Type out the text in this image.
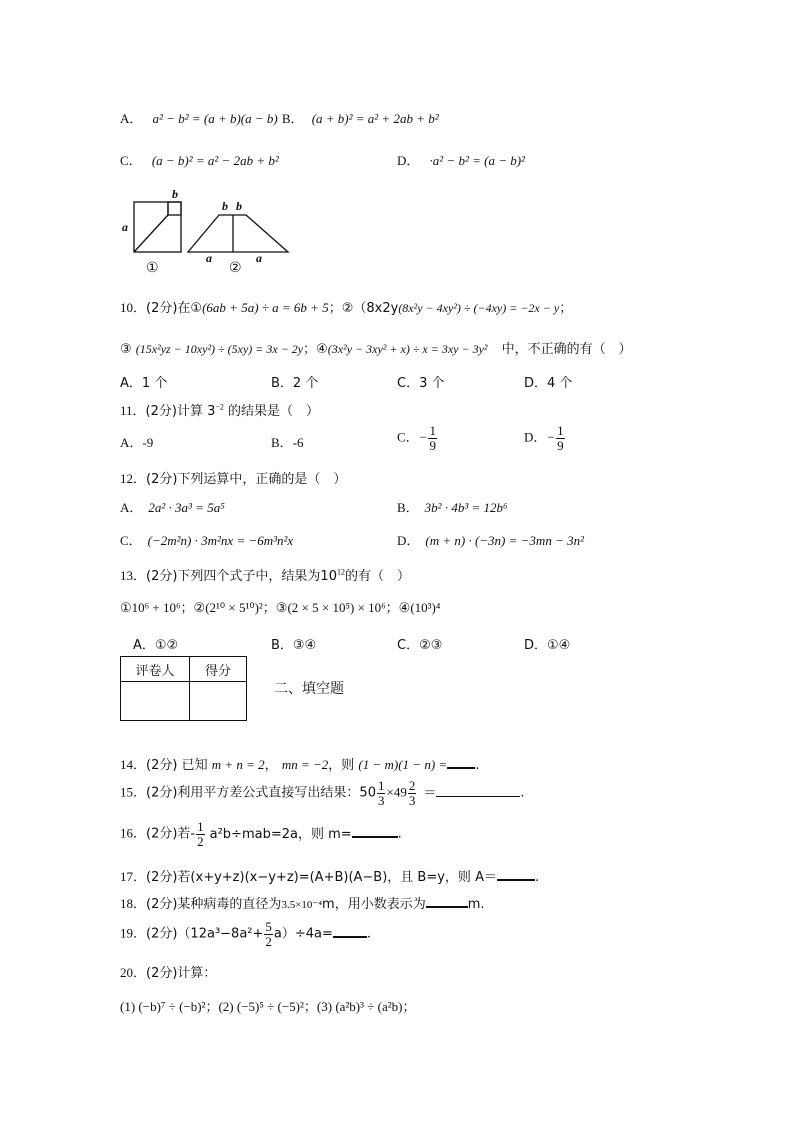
A． a² − b² = (a + b)(a − b) B． (a + b)² = a² + 2ab + b²
C． (a − b)² = a² − 2ab + b²	D． ·a² − b² = (a − b)²
a
b
b b
a	a
①	②
10．(2分)在①(6ab + 5a) ÷ a = 6b + 5；②（8x2y(8x²y − 4xy²) ÷ (−4xy) = −2x − y；
③ (15x²yz − 10xy²) ÷ (5xy) = 3x − 2y；④(3x²y − 3xy² + x) ÷ x = 3xy − 3y² 中，不正确的有（　）
A．1 个	B．2 个	C．3 个	D．4 个
11．(2分)计算 $3^{-2}$ 的结果是（　）
A．-9	B．-6	C．− $\frac{1}{9}$	D．− $\frac{1}{9}$
12．(2分)下列运算中，正确的是（　）
A． 2a² · 3a³ = 5a⁵	B． 3b² · 4b³ = 12b⁶
C． (−2m²n) · 3m²nx = −6m³n²x	D． (m + n) · (−3n) = −3mn − 3n²
13．(2分)下列四个式子中，结果为$10^{12}$的有（　）
①10⁶ + 10⁶；②(2¹⁰ × 5¹⁰)²；③(2 × 5 × 10⁵) × 10⁶；④(10³)⁴
A．①②	B．③④	C．②③	D．①④
评卷人	得分

二、填空题
14．(2分) 已知 m + n = 2， mn = −2，则 (1 − m)(1 − n) = .
15．(2分)利用平方差公式直接写出结果：$50 \frac{1}{3} \times 49 \frac{2}{3}$ ＝	.
16．(2分)若- $\frac{1}{2} a^2b\div mab=2a$，则 m=	.
17．(2分)若(x+y+z)(x−y+z)=(A+B)(A−B)，且 B=y，则 A＝	.
18．(2分)某种病毒的直径为3.5×10⁻⁴m，用小数表示为	m.
19．(2分)$(12a^3-8a^2+ \frac{5}{2} a)\div 4a=$	.
20．(2分)计算：
(1) (−b)⁷ ÷ (−b)²；(2) (−5)⁵ ÷ (−5)²；(3) (a²b)³ ÷ (a²b)；
